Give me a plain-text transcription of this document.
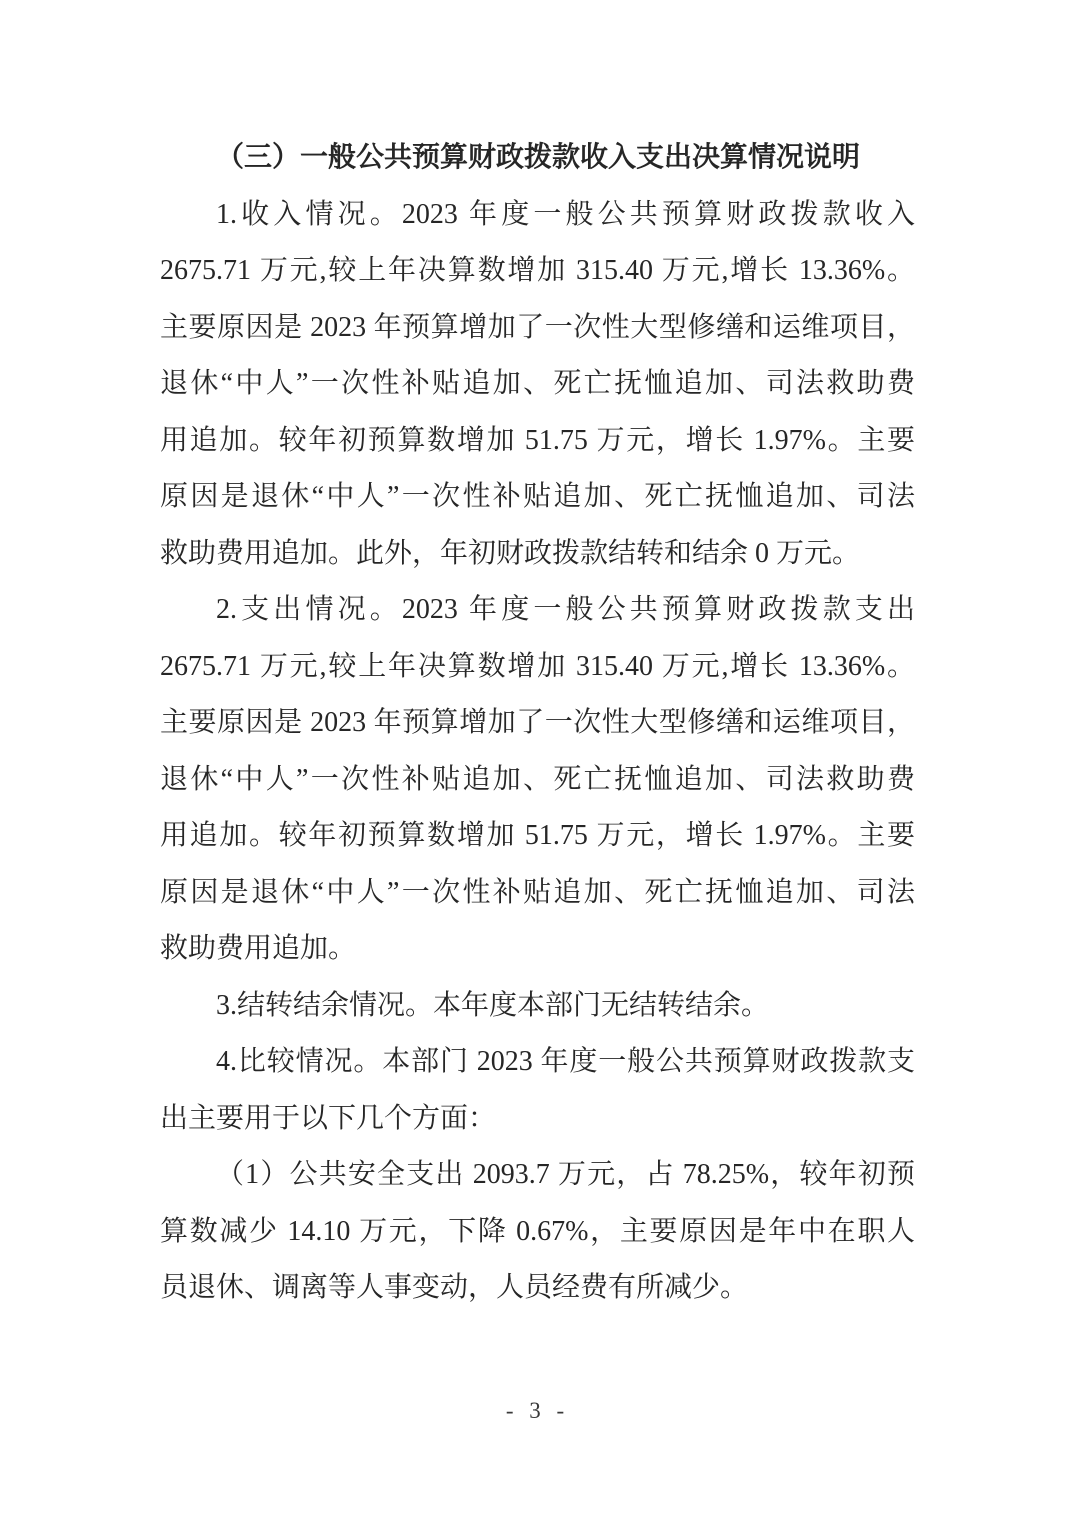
（三）一般公共预算财政拨款收入支出决算情况说明
1.收入情况。2023 年度一般公共预算财政拨款收入
2675.71 万元,较上年决算数增加 315.40 万元,增长 13.36%。
主要原因是 2023 年预算增加了一次性大型修缮和运维项目，
退休“中人”一次性补贴追加、死亡抚恤追加、司法救助费
用追加。较年初预算数增加 51.75 万元，增长 1.97%。主要
原因是退休“中人”一次性补贴追加、死亡抚恤追加、司法
救助费用追加。此外，年初财政拨款结转和结余 0 万元。
2.支出情况。2023 年度一般公共预算财政拨款支出
2675.71 万元,较上年决算数增加 315.40 万元,增长 13.36%。
主要原因是 2023 年预算增加了一次性大型修缮和运维项目，
退休“中人”一次性补贴追加、死亡抚恤追加、司法救助费
用追加。较年初预算数增加 51.75 万元，增长 1.97%。主要
原因是退休“中人”一次性补贴追加、死亡抚恤追加、司法
救助费用追加。
3.结转结余情况。本年度本部门无结转结余。
4.比较情况。本部门 2023 年度一般公共预算财政拨款支
出主要用于以下几个方面：
（1）公共安全支出 2093.7 万元，占 78.25%，较年初预
算数减少 14.10 万元，下降 0.67%，主要原因是年中在职人
员退休、调离等人事变动，人员经费有所减少。
- 3 -
